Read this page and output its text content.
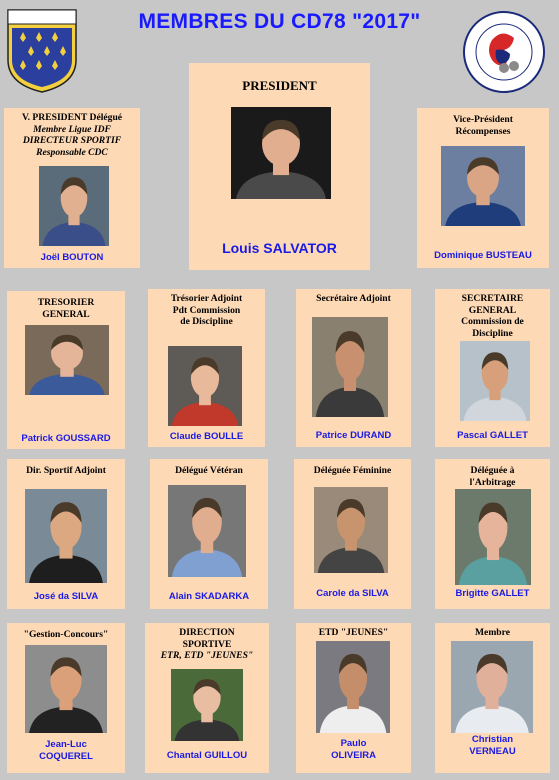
MEMBRES DU CD78 "2017"
PRESIDENT
Louis SALVATOR
V. PRESIDENT Délégué
Membre Ligue IDF
DIRECTEUR SPORTIF
Responsable CDC
Joël BOUTON
Vice-Président
Récompenses
Dominique BUSTEAU
TRESORIER
GENERAL
Patrick GOUSSARD
Trésorier Adjoint
Pdt Commission
de Discipline
Claude BOULLE
Secrétaire Adjoint
Patrice DURAND
SECRETAIRE
GENERAL
Commission de
Discipline
Pascal GALLET
Dir. Sportif Adjoint
José da SILVA
Délégué Vétéran
Alain SKADARKA
Déléguée Féminine
Carole da SILVA
Déléguée à
l'Arbitrage
Brigitte GALLET
"Gestion-Concours"
Jean-Luc
COQUEREL
DIRECTION
SPORTIVE
ETR, ETD "JEUNES"
Chantal GUILLOU
ETD "JEUNES"
Paulo
OLIVEIRA
Membre
Christian
VERNEAU
